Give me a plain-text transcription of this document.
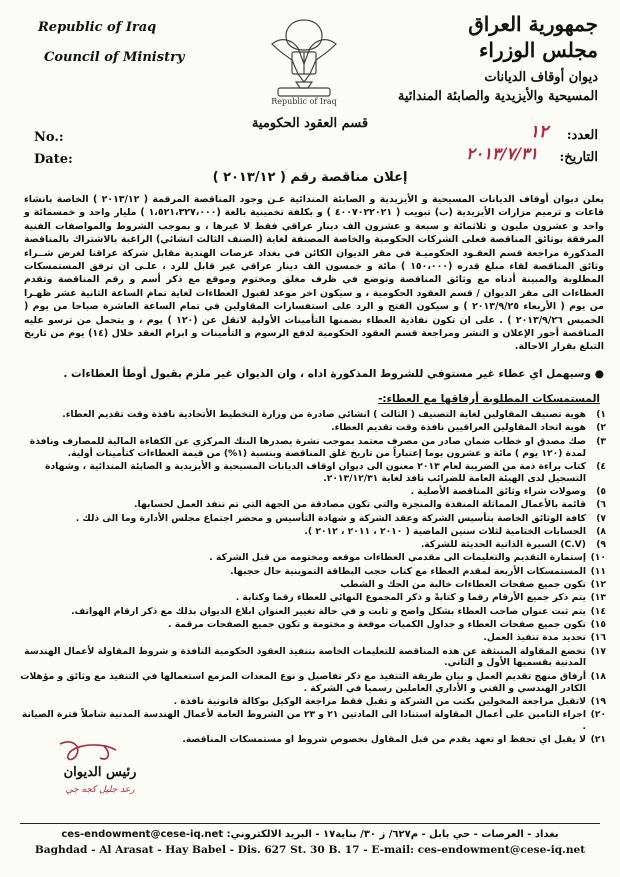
Republic of Iraq
Council of Ministry
Republic of Iraq
جمهورية العراق
مجلس الوزراء
ديوان أوقاف الديانات
المسيحية والأيزيدية والصابئة المندائية
قسم العقود الحكومية
No.:
Date:
العدد:
١٢
التاريخ:
٢٠١٣/٧/٣١
إعلان مناقصة رقم ( ٢٠١٣/١٢ )

يعلن ديوان أوقاف الديانات المسيحية و الأيزيدية و الصابئة المندائية عـن وجود المناقصة المرقمة ( ٢٠١٣/١٢ ) الخاصة بانشاء قاعات و ترميم مزارات الأيزيدية (ب) تبويب ( ٤٠٠٧٠٢٢٠٢١ ) و بكلفة تخمينية بالغة (١،٥٢١،٣٢٧،٠٠٠ ) مليار واحد و خمسمائة و واحد و عشرون مليون و ثلاثمائة و سبعة و عشرون الف دينار عراقي فقط لا غيرها ، و بموجب الشروط والمواصفات الفنية المرفقة بوثائق المناقصة فعلى الشركات الحكومية والخاصة المصنفة لغاية (الصنف الثالث انشائي) الراغبة بالاشتراك بالمناقصة المذكورة مراجعة قسم العقـود الحكوميـة في مقر الديوان الكائن في بغداد عرصات الهندية مقابل شركة عراقنا لغرض شــراء وثائق المناقصة لقاء مبلغ قدره (١٥٠،٠٠٠ ) مائة و خمسون الف دينار عراقي غير قابل للرد ، علـى ان ترفق المستمسكات المطلوبة والمبينة أدناه مع وثائق المناقصة وتوضع في ظرف مغلق ومختوم وموقع مع ذكر أسم و رقم المناقصة وتقدم العطاءات الى مقر الديوان / قسم العقود الحكومية ، و سيكون اخر موعد لقبول العطاءات لغاية تمام الساعة الثانية عشر ظهـرا من يوم ( الأربعاء ٢٠١٣/٩/٢٥ ) و سيكون الفتح و الرد على استفسارات المقاولين في تمام الساعة العاشرة صباحا من يوم ( الخميس ٢٠١٣/٩/٢٦ ) . على ان تكون نفاذية العطاء بضمنها التأمينات الأولية لاتقل عن (١٢٠ ) يوم ، و يتحمل من ترسو عليه المناقصة أجور الإعلان و النشر ومراجعة قسم العقود الحكومية لدفع الرسوم و التأمينات و ابرام العقد خلال (١٤) يوم من تاريخ التبلغ بقرار الاحالة.

● وسيهمل اي عطاء غير مستوفي للشروط المذكورة اداه ، وان الديوان غير ملزم بقبول أوطأ العطاءات .
المستمسكات المطلوبة أرفاقها مع العطاء:-
١)
هوية تصنيف المقاولين لغاية التصنيف ( الثالث ) انشائي صادرة من وزارة التخطيط الأتحادية نافذة وقت تقديم العطاء.
٢)
هوية اتحاد المقاولين العراقيين نافذة وقت تقديم العطاء.
٣)
صك مصدق او خطاب ضمان صادر من مصرف معتمد بموجب نشرة يصدرها البنك المركزي عن الكفاءة المالية للمصارف ونافذة لمدة (١٢٠ يوم ) مائة و عشرون يوما إعتباراً من تاريخ غلق المناقصة وبنسبة (١%) من قيمة العطاءات كتأمينات أولية.
٤)
كتاب براءة ذمة من الضريبة لعام ٢٠١٣ معنون الى ديوان اوقاف الديانات المسيحية و الأيزيدية و الصابئة المندائية ، وشهادة التسجيل لدى الهيئة العامة للضرائب نافذ لغاية ٢٠١٣/١٢/٣١.
٥)
وصولات شراء وثائق المناقصة الأصلية .
٦)
قائمة بالأعمال المماثلة المنفذة والمنجزة والتي تكون مصادقة من الجهة التي تم تنفذ العمل لحسابها.
٧)
كافة الوثائق الخاصة بتأسيس الشركة وعقد الشركة و شهادة التأسيس و محضر اجتماع مجلس الأدارة وما الى ذلك .
٨)
الحسابات الختامية لثلاث سنين الماضية ( ٢٠١٠ ، ٢٠١١ ، ٢٠١٢ ).
٩)
(C.V) السيرة الذاتية الحديثة للشركة.
١٠)
إستمارة التقديم والتعليمات الى مقدمي العطاءات موقعه ومختومه من قبل الشركة .
١١)
المستمسكات الأربعة لمقدم العطاء مع كتاب حجب البطاقة التموينية حال حجبها.
١٢)
تكون جميع صفحات العطاءات خالية من الحك و الشطب
١٣)
يتم ذكر جميع الأرقام رقما و كتابةً و ذكر المجموع النهائي للعطاء رقما وكتابة .
١٤)
يتم ثبت عنوان صاحب العطاء بشكل واضح و ثابت و في حالة تغيير العنوان ابلاغ الديوان بذلك مع ذكر ارقام الهواتف.
١٥)
تكون جميع صفحات العطاء و جداول الكميات موقعة و مختومة و تكون جميع الصفحات مرقمة .
١٦)
تحديد مدة تنفيذ العمل.
١٧)
تخضع المقاولة المنبثقة عن هذه المناقصة للتعليمات الخاصة بتنفيذ العقود الحكومية النافذة و شروط المقاولة لأعمال الهندسة المدنية بقسميها الأول و الثاني.
١٨)
أرفاق منهج تقديم العمل و بيان طريقة التنفيذ مع ذكر تفاصيل و نوع المعدات المزمع استعمالها في التنفيذ مع وثائق و مؤهلات الكادر الهندسي و الفني و الأداري العاملين رسميا في الشركة .
١٩)
لاتقبل مراجعة المخولين بكتب من الشركة و تقبل فقط مراجعة الوكيل بوكالة قانونية نافذة .
٢٠)
اجراء التامين على أعمال المقاولة استنادا الى المادتين ٢١ و ٢٣ من الشروط العامة لأعمال الهندسة المدنية شاملاً فترة الصيانة .
٢١)
لا يقبل اي تحفظ او تعهد يقدم من قبل المقاول بخصوص شروط او مستمسكات المناقصة.
رعد جليل كجه جي
رئيس الديوان
بغداد - العرصات - حي بابل - م٦٢٧/ ز ٣٠/ بناية١٧ - البريد الالكتروني: ces-endowment@cese-iq.net
Baghdad - Al Arasat - Hay Babel - Dis. 627 St. 30 B. 17 - E-mail: ces-endowment@cese-iq.net
